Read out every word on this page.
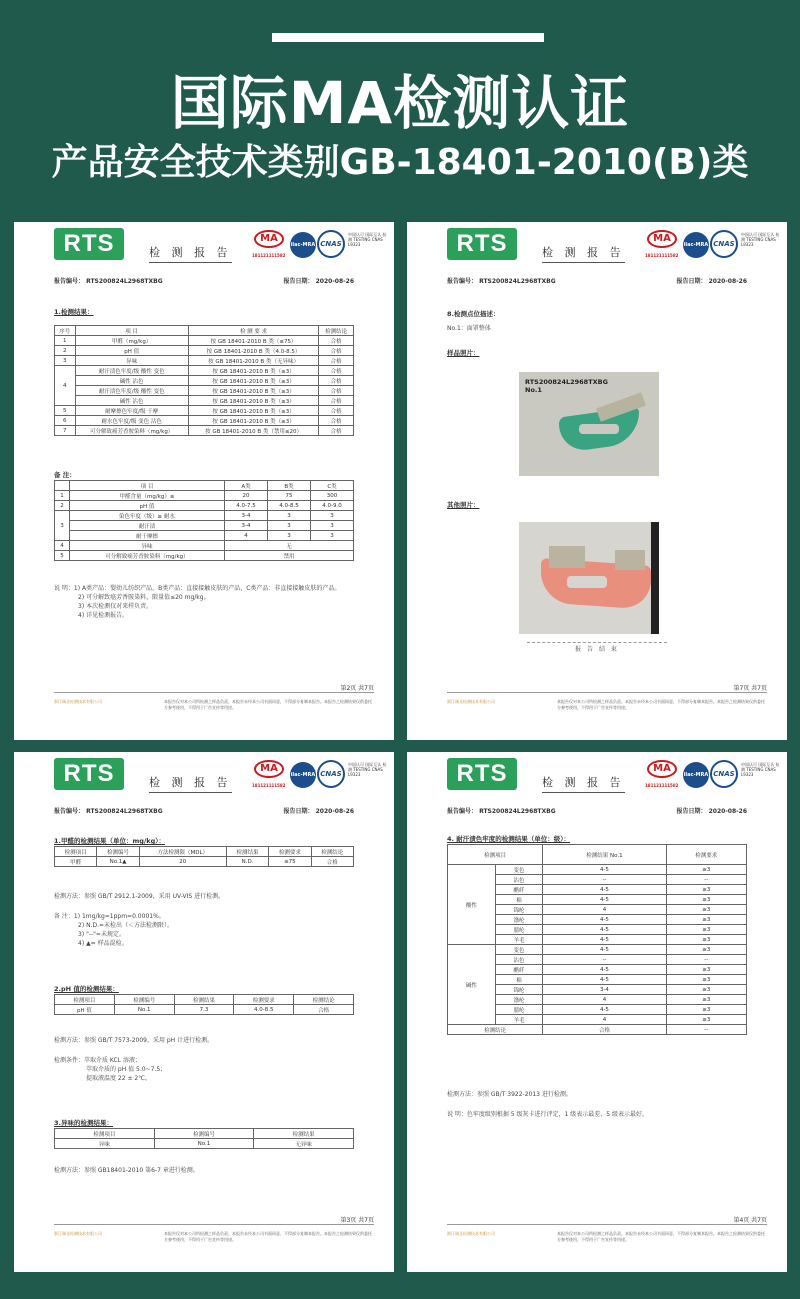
国际MA检测认证
产品安全技术类别GB-18401-2010(B)类
RTS	检 测 报 告
MA
181121111582
ilac-MRA CNAS
中国认可 国际互认 检测 TESTING CNAS L9323
报告编号： RTS200824L2968TXBG	报告日期： 2020-08-26
1.检测结果：
序号	项 目	检 测 要 求	检测结论
1	甲醛（mg/kg）	按 GB 18401-2010 B 类（≤75）	合格
2	pH 值	按 GB 18401-2010 B 类（4.0-8.5）	合格
3	异味	按 GB 18401-2010 B 类（无异味）	合格
4	耐汗渍色牢度/级 酸性 变色	按 GB 18401-2010 B 类（≥3）	合格
	碱性 沾色	按 GB 18401-2010 B 类（≥3）	合格
	耐汗渍色牢度/级 酸性 变色	按 GB 18401-2010 B 类（≥3）	合格
	碱性 沾色	按 GB 18401-2010 B 类（≥3）	合格
5	耐摩擦色牢度/级 干摩	按 GB 18401-2010 B 类（≥3）	合格
6	耐水色牢度/级 变色 沾色	按 GB 18401-2010 B 类（≥3）	合格
7	可分解致癌芳香胺染料（mg/kg）	按 GB 18401-2010 B 类（禁用≤20）	合格
备 注：
	项 目	A类	B类	C类
1	甲醛含量（mg/kg）≤	20	75	300
2	pH 值	4.0-7.5	4.0-8.5	4.0-9.0
3	染色牢度（级）≥ 耐水	3-4	3	3
	耐汗渍	3-4	3	3
	耐干摩擦	4	3	3
4	异味	无		
5	可分解致癌芳香胺染料（mg/kg）	禁用		
说 明：1) A类产品：婴幼儿纺织产品，B类产品：直接接触皮肤的产品，C类产品：非直接接触皮肤的产品。
2) 可分解致癌芳香胺染料，限量值≤20 mg/kg。
3) 本次检测仅对来样负责。
4) 详见检测报告。
第2页 共7页
浙江瑞圣检测技术有限公司	本报告仅对本公司所检测之样品负责。本报告未经本公司书面同意，不得部分复制本报告。本报告之检测结果仅供委托方参考使用，不得用于广告宣传等用途。
RTS	检 测 报 告
MA
181121111582
ilac-MRA CNAS
中国认可 国际互认 检测 TESTING CNAS L9323
报告编号： RTS200824L2968TXBG	报告日期： 2020-08-26
8.检测点位描述：
No.1：面罩整体
样品照片：
RTS200824L2968TXBG
No.1
其他照片：
报 告 结 束
第7页 共7页
浙江瑞圣检测技术有限公司	本报告仅对本公司所检测之样品负责。本报告未经本公司书面同意，不得部分复制本报告。本报告之检测结果仅供委托方参考使用，不得用于广告宣传等用途。
RTS	检 测 报 告
MA
181121111582
ilac-MRA CNAS
中国认可 国际互认 检测 TESTING CNAS L9323
报告编号： RTS200824L2968TXBG	报告日期： 2020-08-26
1.甲醛的检测结果（单位：mg/kg）：
检测项目	检测编号	方法检测限（MDL）	检测结果	检测要求	检测结论
甲醛	No.1▲	20	N.D.	≤75	合格
检测方法：参照 GB/T 2912.1-2009，采用 UV-VIS 进行检测。
备 注：1) 1mg/kg=1ppm=0.0001%。
2) N.D.=未检出（＜方法检测限）。
3) "--"=未规定。
4) ▲= 样品混检。
2.pH 值的检测结果：
检测项目	检测编号	检测结果	检测要求	检测结论
pH 值	No.1	7.3	4.0-8.5	合格
检测方法：参照 GB/T 7573-2009，采用 pH 计进行检测。
检测条件：萃取介质 KCL 溶液；
萃取介质的 pH 值 5.0~7.5；
提取液温度 22 ± 2℃。
3.异味的检测结果：
检测项目	检测编号	检测结果
异味	No.1	无异味
检测方法：参照 GB18401-2010 第6-7 章进行检测。
第3页 共7页
浙江瑞圣检测技术有限公司	本报告仅对本公司所检测之样品负责。本报告未经本公司书面同意，不得部分复制本报告。本报告之检测结果仅供委托方参考使用，不得用于广告宣传等用途。
RTS	检 测 报 告
MA
181121111582
ilac-MRA CNAS
中国认可 国际互认 检测 TESTING CNAS L9323
报告编号： RTS200824L2968TXBG	报告日期： 2020-08-26
4. 耐汗渍色牢度的检测结果（单位：级）：
检测项目		检测结果 No.1	检测要求
酸性	变色	4-5	≥3
	沾色	--	--
	醋纤	4-5	≥3
	棉	4-5	≥3
	锦纶	4	≥3
	涤纶	4-5	≥3
	腈纶	4-5	≥3
	羊毛	4-5	≥3
碱性	变色	4-5	≥3
	沾色	--	--
	醋纤	4-5	≥3
	棉	4-5	≥3
	锦纶	3-4	≥3
	涤纶	4	≥3
	腈纶	4-5	≥3
	羊毛	4	≥3
检测结论		合格	--
检测方法：参照 GB/T 3922-2013 进行检测。
说 明：色牢度级别根据 5 级灰卡进行评定，1 级表示最差，5 级表示最好。
第4页 共7页
浙江瑞圣检测技术有限公司	本报告仅对本公司所检测之样品负责。本报告未经本公司书面同意，不得部分复制本报告。本报告之检测结果仅供委托方参考使用，不得用于广告宣传等用途。
